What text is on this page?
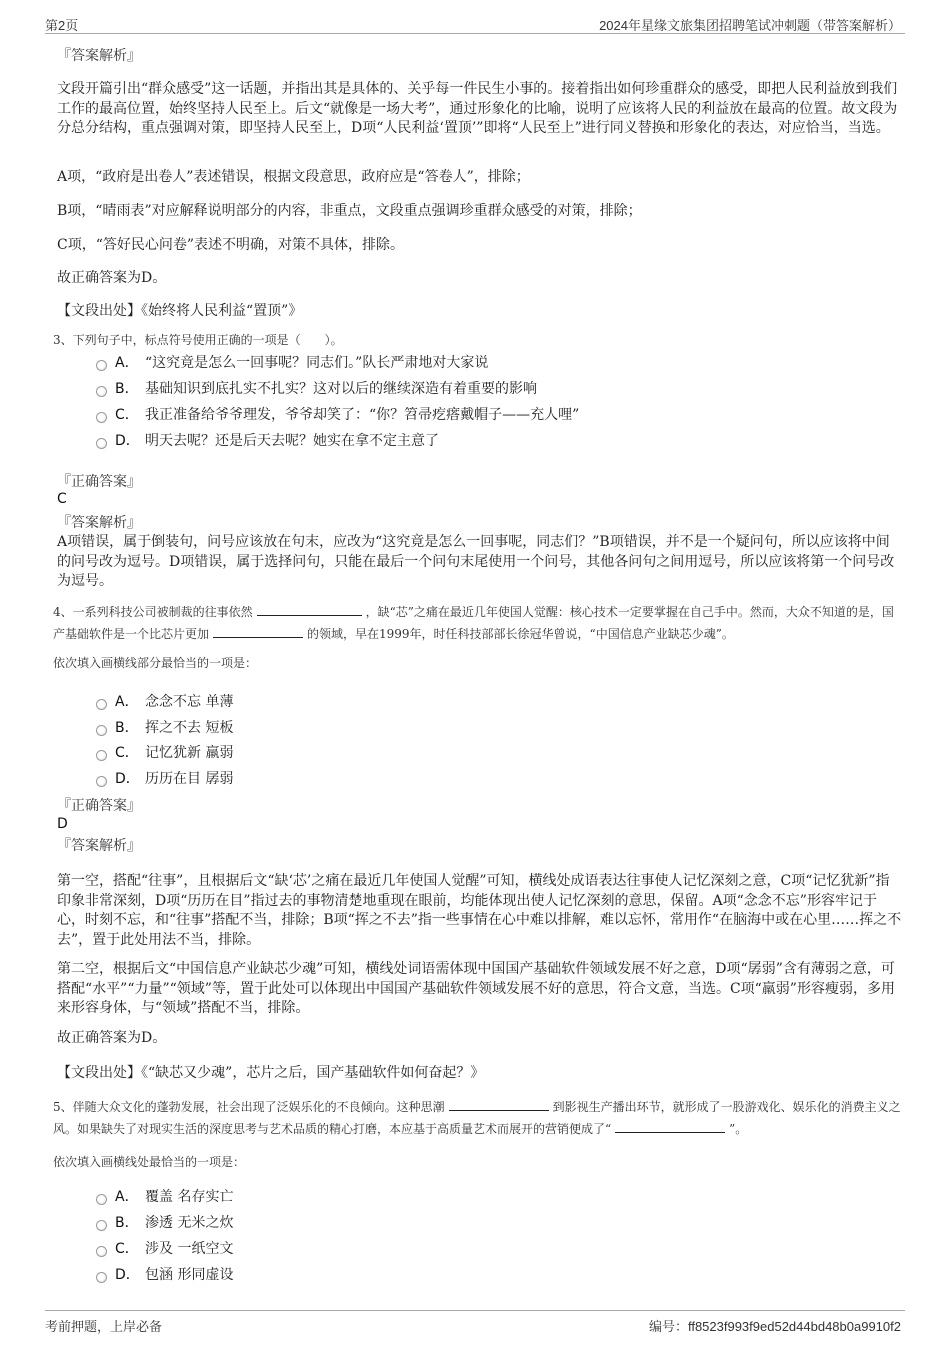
第2页	2024年星缘文旅集团招聘笔试冲刺题（带答案解析）
『答案解析』
文段开篇引出“群众感受”这一话题，并指出其是具体的、关乎每一件民生小事的。接着指出如何珍重群众的感受，即把人民利益放到我们工作的最高位置，始终坚持人民至上。后文“就像是一场大考”，通过形象化的比喻，说明了应该将人民的利益放在最高的位置。故文段为分总分结构，重点强调对策，即坚持人民至上，D项“人民利益‘置顶’”即将“人民至上”进行同义替换和形象化的表达，对应恰当，当选。
A项，“政府是出卷人”表述错误，根据文段意思，政府应是“答卷人”，排除；
B项，“晴雨表”对应解释说明部分的内容，非重点，文段重点强调珍重群众感受的对策，排除；
C项，“答好民心问卷”表述不明确，对策不具体，排除。
故正确答案为D。
【文段出处】《始终将人民利益“置顶”》
3、下列句子中，标点符号使用正确的一项是（　　）。
A． “这究竟是怎么一回事呢？同志们。”队长严肃地对大家说
B． 基础知识到底扎实不扎实？这对以后的继续深造有着重要的影响
C． 我正准备给爷爷理发，爷爷却笑了：“你？笤帚疙瘩戴帽子——充人哩”
D． 明天去呢？还是后天去呢？她实在拿不定主意了
『正确答案』
C
『答案解析』
A项错误，属于倒装句，问号应该放在句末，应改为“这究竟是怎么一回事呢，同志们？”B项错误，并不是一个疑问句，所以应该将中间的问号改为逗号。D项错误，属于选择问句，只能在最后一个问句末尾使用一个问号，其他各问句之间用逗号，所以应该将第一个问号改为逗号。
4、一系列科技公司被制裁的往事依然	，缺“芯”之痛在最近几年使国人觉醒：核心技术一定要掌握在自己手中。然而，大众不知道的是，国产基础软件是一个比芯片更加	的领域，早在1999年，时任科技部部长徐冠华曾说，“中国信息产业缺芯少魂”。
依次填入画横线部分最恰当的一项是：
A． 念念不忘 单薄
B． 挥之不去 短板
C． 记忆犹新 羸弱
D． 历历在目 孱弱
『正确答案』
D
『答案解析』
第一空，搭配“往事”，且根据后文“缺‘芯’之痛在最近几年使国人觉醒”可知，横线处成语表达往事使人记忆深刻之意，C项“记忆犹新”指印象非常深刻，D项“历历在目”指过去的事物清楚地重现在眼前，均能体现出使人记忆深刻的意思，保留。A项“念念不忘”形容牢记于心，时刻不忘，和“往事”搭配不当，排除；B项“挥之不去”指一些事情在心中难以排解，难以忘怀，常用作“在脑海中或在心里……挥之不去”，置于此处用法不当，排除。
第二空，根据后文“中国信息产业缺芯少魂”可知，横线处词语需体现中国国产基础软件领域发展不好之意，D项“孱弱”含有薄弱之意，可搭配“水平”“力量”“领域”等，置于此处可以体现出中国国产基础软件领域发展不好的意思，符合文意，当选。C项“羸弱”形容瘦弱，多用来形容身体，与“领域”搭配不当，排除。
故正确答案为D。
【文段出处】《“缺芯又少魂”，芯片之后，国产基础软件如何奋起？》
5、伴随大众文化的蓬勃发展，社会出现了泛娱乐化的不良倾向。这种思潮	到影视生产播出环节，就形成了一股游戏化、娱乐化的消费主义之风。如果缺失了对现实生活的深度思考与艺术品质的精心打磨，本应基于高质量艺术而展开的营销便成了“	”。
依次填入画横线处最恰当的一项是：
A． 覆盖 名存实亡
B． 渗透 无米之炊
C． 涉及 一纸空文
D． 包涵 形同虚设
考前押题，上岸必备	编号：ff8523f993f9ed52d44bd48b0a9910f2
